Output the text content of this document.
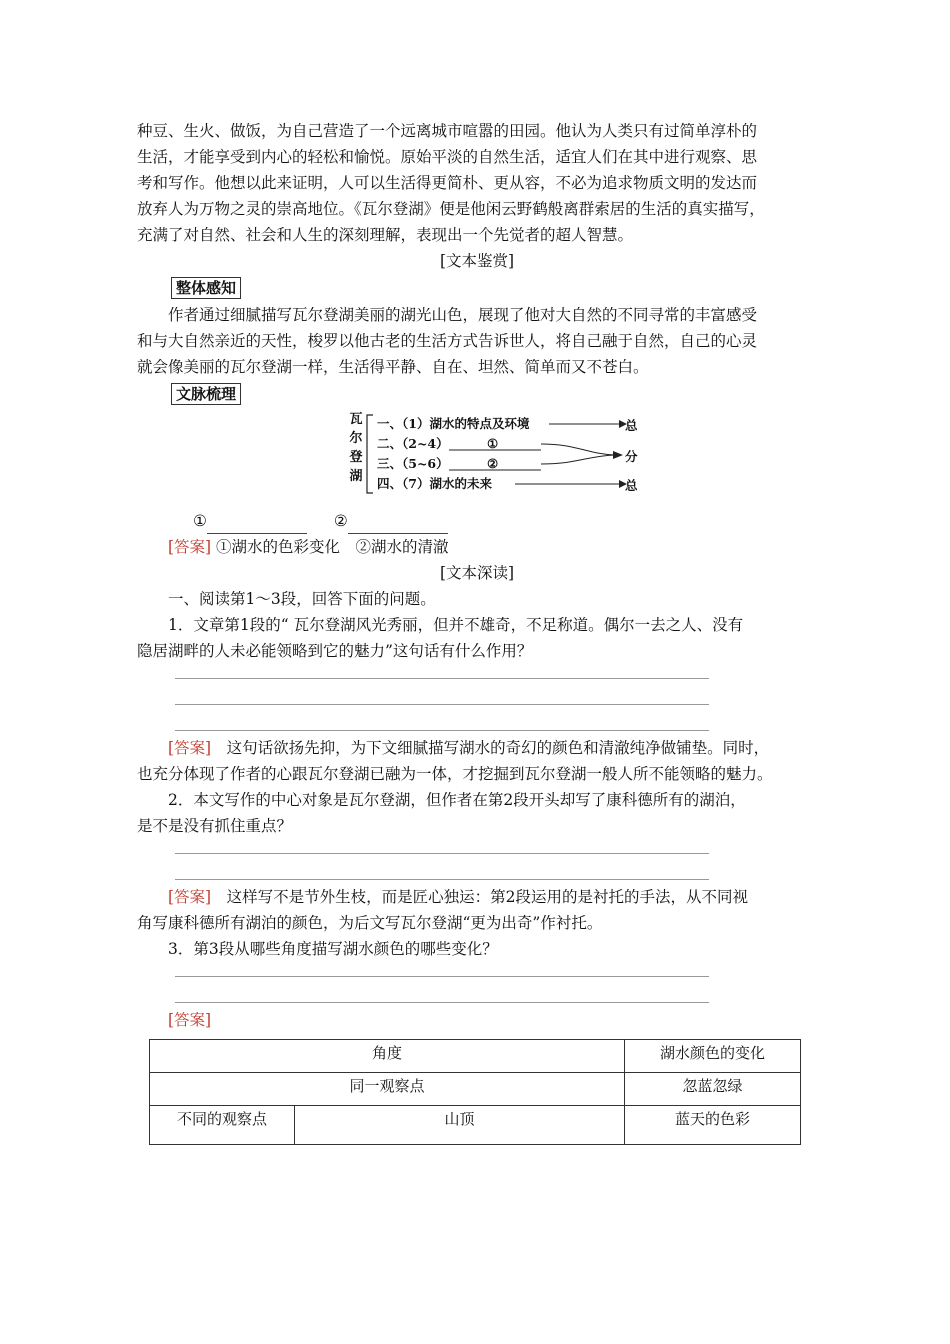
种豆、生火、做饭，为自己营造了一个远离城市喧嚣的田园。他认为人类只有过简单淳朴的

生活，才能享受到内心的轻松和愉悦。原始平淡的自然生活，适宜人们在其中进行观察、思

考和写作。他想以此来证明，人可以生活得更简朴、更从容，不必为追求物质文明的发达而

放弃人为万物之灵的崇高地位。《瓦尔登湖》便是他闲云野鹤般离群索居的生活的真实描写，

充满了对自然、社会和人生的深刻理解，表现出一个先觉者的超人智慧。

[文本鉴赏]

整体感知

作者通过细腻描写瓦尔登湖美丽的湖光山色，展现了他对大自然的不同寻常的丰富感受

和与大自然亲近的天性，梭罗以他古老的生活方式告诉世人，将自己融于自然，自己的心灵

就会像美丽的瓦尔登湖一样，生活得平静、自在、坦然、简单而又不苍白。

文脉梳理
瓦尔登湖
一、（1）湖水的特点及环境
二、（2~4）	①
三、（5~6）	②
四、（7）湖水的未来
总
分
总

①	②

[答案] ①湖水的色彩变化　②湖水的清澈

[文本深读]

一、阅读第1～3段，回答下面的问题。

1．文章第1段的“ 瓦尔登湖风光秀丽，但并不雄奇，不足称道。偶尔一去之人、没有

隐居湖畔的人未必能领略到它的魅力”这句话有什么作用？

[答案]　这句话欲扬先抑，为下文细腻描写湖水的奇幻的颜色和清澈纯净做铺垫。同时，

也充分体现了作者的心跟瓦尔登湖已融为一体，才挖掘到瓦尔登湖一般人所不能领略的魅力。

2．本文写作的中心对象是瓦尔登湖，但作者在第2段开头却写了康科德所有的湖泊，

是不是没有抓住重点？

[答案]　这样写不是节外生枝，而是匠心独运：第2段运用的是衬托的手法，从不同视

角写康科德所有湖泊的颜色，为后文写瓦尔登湖“更为出奇”作衬托。

3．第3段从哪些角度描写湖水颜色的哪些变化？

[答案]

角度		湖水颜色的变化
同一观察点		忽蓝忽绿
不同的观察点	山顶	蓝天的色彩
